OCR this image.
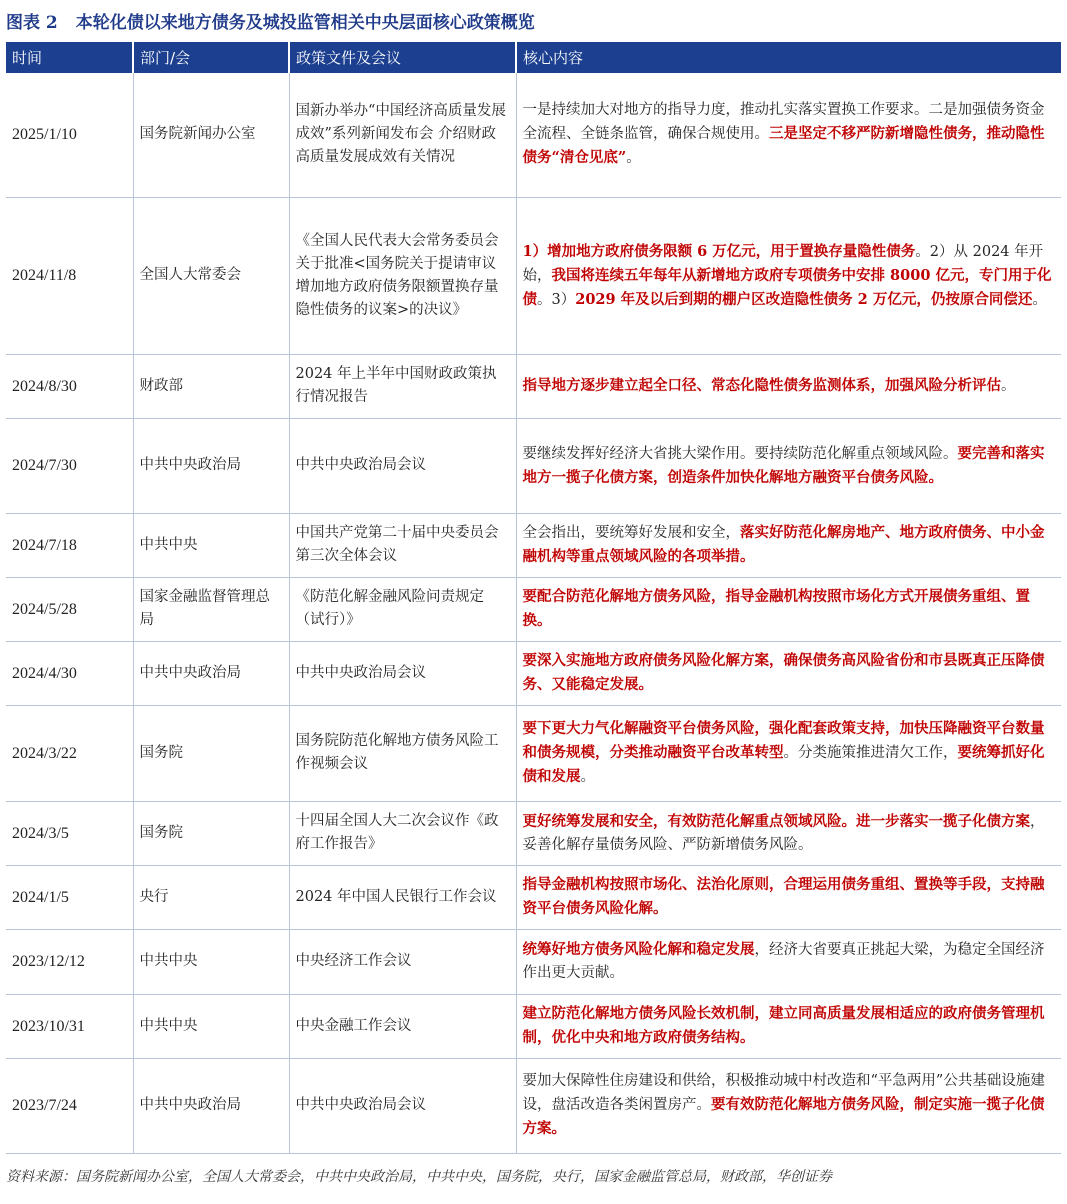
图表 2 本轮化债以来地方债务及城投监管相关中央层面核心政策概览
时间	部门/会	政策文件及会议	核心内容
2025/1/10	国务院新闻办公室	国新办举办“中国经济高质量发展成效”系列新闻发布会 介绍财政高质量发展成效有关情况	一是持续加大对地方的指导力度，推动扎实落实置换工作要求。二是加强债务资金全流程、全链条监管，确保合规使用。三是坚定不移严防新增隐性债务，推动隐性债务“清仓见底”。
2024/11/8	全国人大常委会	《全国人民代表大会常务委员会关于批准<国务院关于提请审议增加地方政府债务限额置换存量隐性债务的议案>的决议》	1）增加地方政府债务限额 6 万亿元，用于置换存量隐性债务。2）从 2024 年开始，我国将连续五年每年从新增地方政府专项债务中安排 8000 亿元，专门用于化债。3）2029 年及以后到期的棚户区改造隐性债务 2 万亿元，仍按原合同偿还。
2024/8/30	财政部	2024 年上半年中国财政政策执行情况报告	指导地方逐步建立起全口径、常态化隐性债务监测体系，加强风险分析评估。
2024/7/30	中共中央政治局	中共中央政治局会议	要继续发挥好经济大省挑大梁作用。要持续防范化解重点领域风险。要完善和落实地方一揽子化债方案，创造条件加快化解地方融资平台债务风险。
2024/7/18	中共中央	中国共产党第二十届中央委员会第三次全体会议	全会指出，要统筹好发展和安全，落实好防范化解房地产、地方政府债务、中小金融机构等重点领域风险的各项举措。
2024/5/28	国家金融监督管理总局	《防范化解金融风险问责规定（试行）》	要配合防范化解地方债务风险，指导金融机构按照市场化方式开展债务重组、置换。
2024/4/30	中共中央政治局	中共中央政治局会议	要深入实施地方政府债务风险化解方案，确保债务高风险省份和市县既真正压降债务、又能稳定发展。
2024/3/22	国务院	国务院防范化解地方债务风险工作视频会议	要下更大力气化解融资平台债务风险，强化配套政策支持，加快压降融资平台数量和债务规模，分类推动融资平台改革转型。分类施策推进清欠工作，要统筹抓好化债和发展。
2024/3/5	国务院	十四届全国人大二次会议作《政府工作报告》	更好统筹发展和安全，有效防范化解重点领域风险。进一步落实一揽子化债方案，妥善化解存量债务风险、严防新增债务风险。
2024/1/5	央行	2024 年中国人民银行工作会议	指导金融机构按照市场化、法治化原则，合理运用债务重组、置换等手段，支持融资平台债务风险化解。
2023/12/12	中共中央	中央经济工作会议	统筹好地方债务风险化解和稳定发展，经济大省要真正挑起大梁，为稳定全国经济作出更大贡献。
2023/10/31	中共中央	中央金融工作会议	建立防范化解地方债务风险长效机制，建立同高质量发展相适应的政府债务管理机制，优化中央和地方政府债务结构。
2023/7/24	中共中央政治局	中共中央政治局会议	要加大保障性住房建设和供给，积极推动城中村改造和“平急两用”公共基础设施建设，盘活改造各类闲置房产。要有效防范化解地方债务风险，制定实施一揽子化债方案。
资料来源：国务院新闻办公室，全国人大常委会，中共中央政治局，中共中央，国务院，央行，国家金融监管总局，财政部，华创证券
